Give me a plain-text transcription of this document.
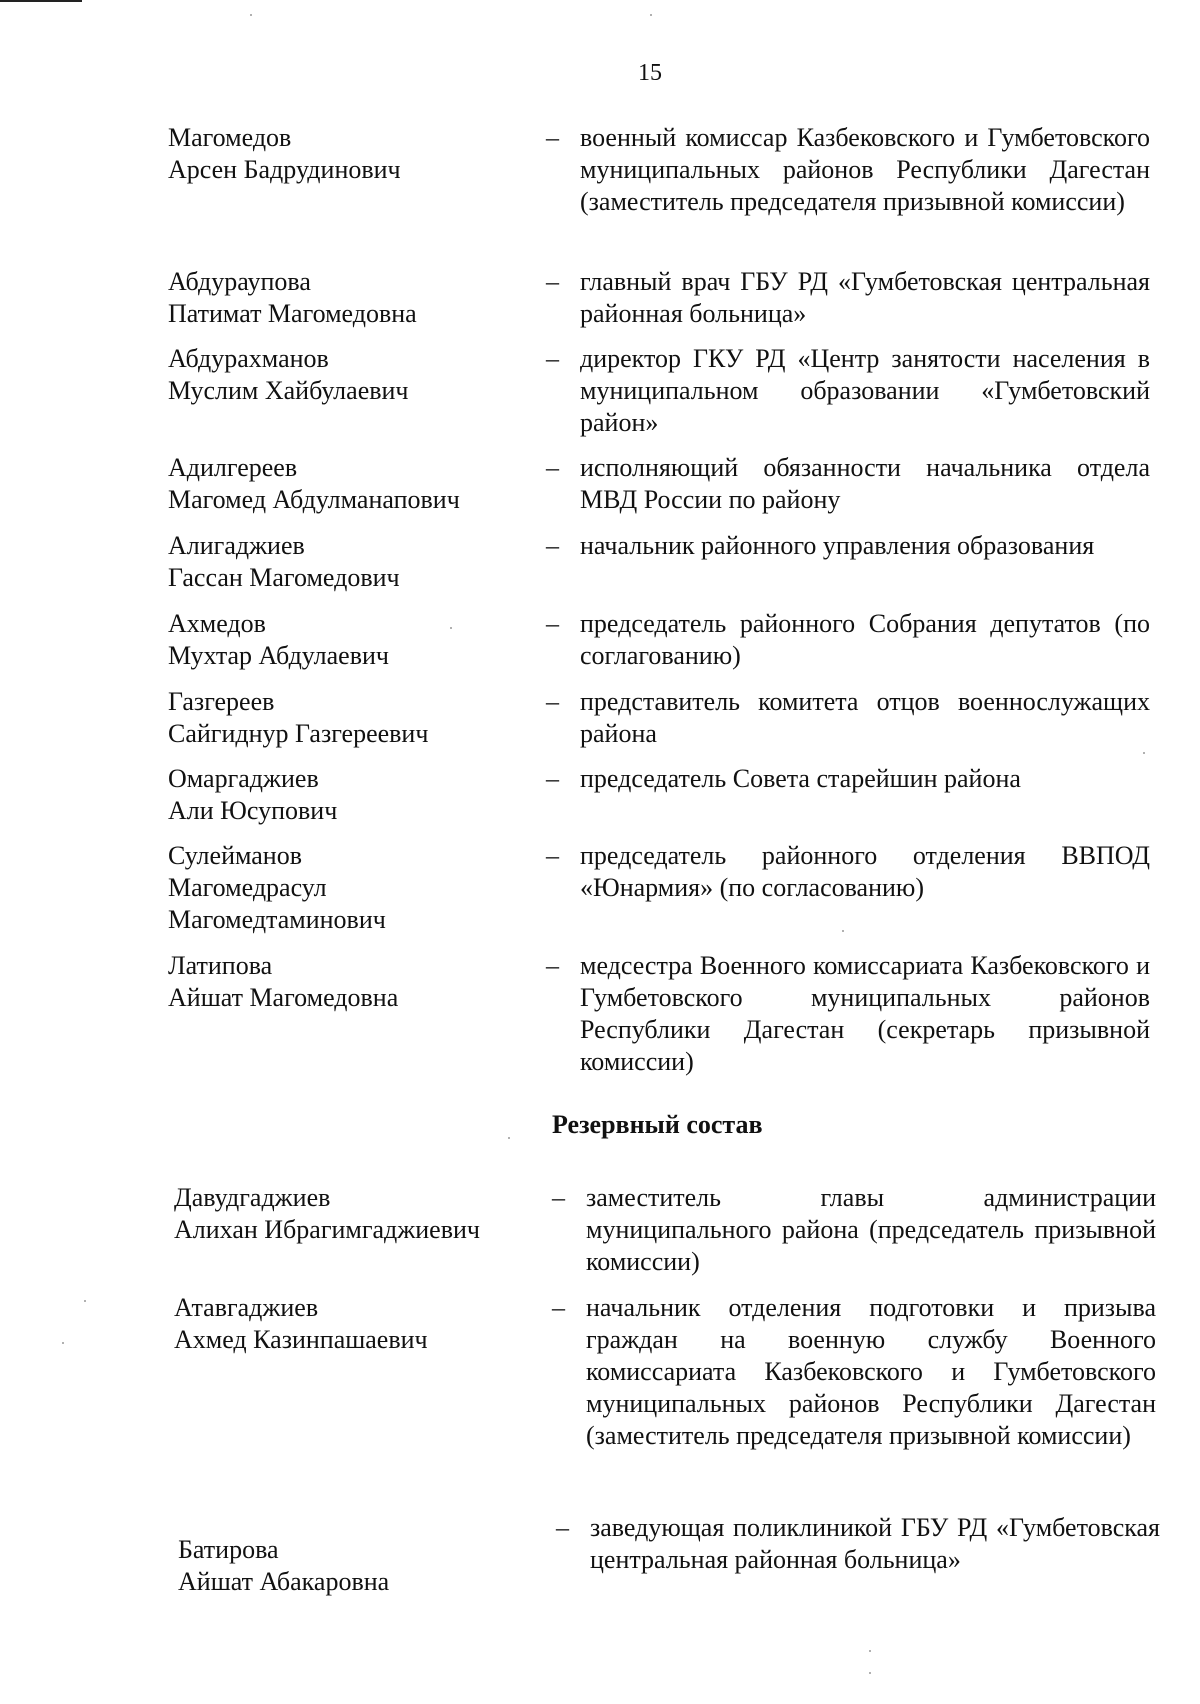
15
Магомедов
Арсен Бадрудинович
– военный комиссар Казбековского и Гумбетовского муниципальных районов Республики Дагестан (заместитель председателя призывной комиссии)
Абдураупова
Патимат Магомедовна
– главный врач ГБУ РД «Гумбетовская центральная районная больница»
Абдурахманов
Муслим Хайбулаевич
– директор ГКУ РД «Центр занятости населения в муниципальном образовании «Гумбетовский район»
Адилгереев
Магомед Абдулманапович
– исполняющий обязанности начальника отдела МВД России по району
Алигаджиев
Гассан Магомедович
– начальник районного управления образования
Ахмедов
Мухтар Абдулаевич
– председатель районного Собрания депутатов (по соглагованию)
Газгереев
Сайгиднур Газгереевич
– представитель комитета отцов военнослужащих района
Омаргаджиев
Али Юсупович
– председатель Совета старейшин района
Сулейманов
Магомедрасул
Магомедтаминович
– председатель районного отделения ВВПОД «Юнармия» (по согласованию)
Латипова
Айшат Магомедовна
– медсестра Военного комиссариата Казбековского и Гумбетовского муниципальных районов Республики Дагестан (секретарь призывной комиссии)
Резервный состав
Давудгаджиев
Алихан Ибрагимгаджиевич
– заместитель главы администрации муниципального района (председатель призывной комиссии)
Атавгаджиев
Ахмед Казинпашаевич
– начальник отделения подготовки и призыва граждан на военную службу Военного комиссариата Казбековского и Гумбетовского муниципальных районов Республики Дагестан (заместитель председателя призывной комиссии)
Батирова
Айшат Абакаровна
– заведующая поликлиникой ГБУ РД «Гумбетовская центральная районная больница»
